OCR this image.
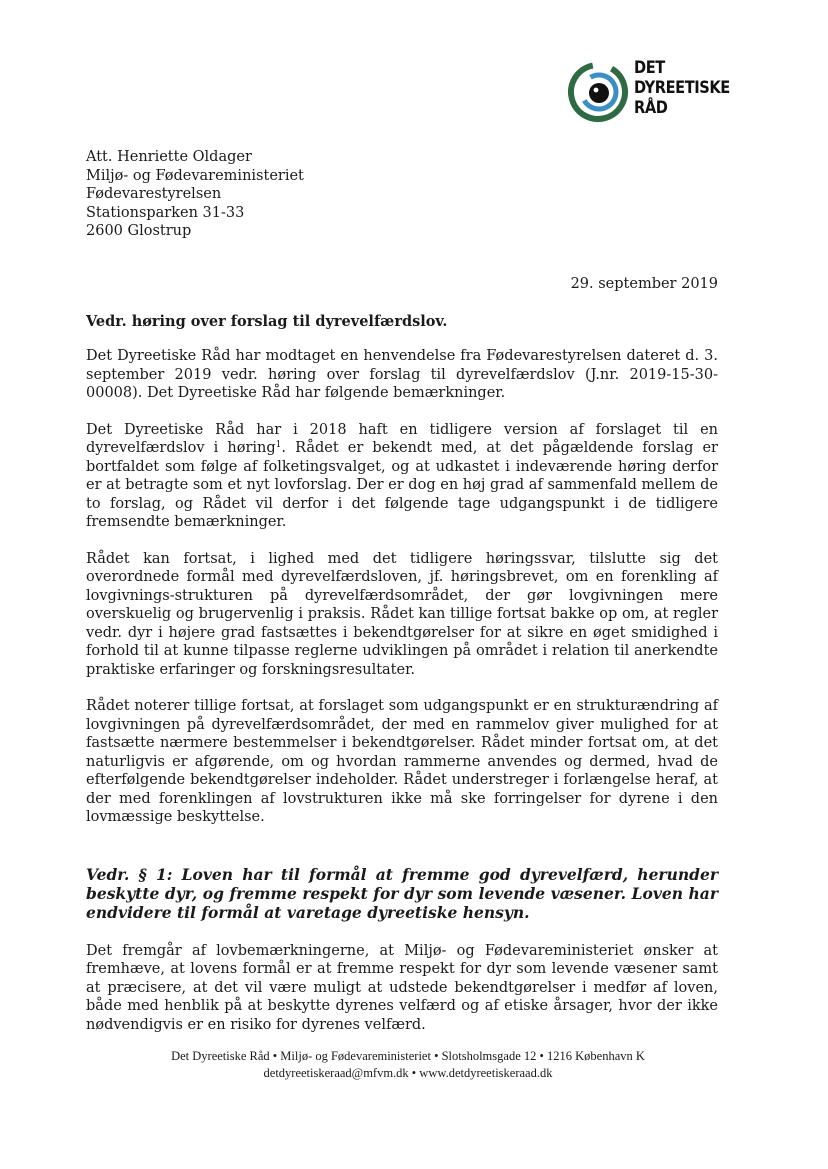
DET
DYREETISKE
RÅD
Att. Henriette Oldager
Miljø- og Fødevareministeriet
Fødevarestyrelsen
Stationsparken 31-33
2600 Glostrup
29. september 2019
Vedr. høring over forslag til dyrevelfærdslov.

Det Dyreetiske Råd har modtaget en henvendelse fra Fødevarestyrelsen dateret d. 3. september 2019 vedr. høring over forslag til dyrevelfærdslov (J.nr. 2019-15-30-00008). Det Dyreetiske Råd har følgende bemærkninger.

Det Dyreetiske Råd har i 2018 haft en tidligere version af forslaget til en dyrevelfærdslov i høring$^1$. Rådet er bekendt med, at det pågældende forslag er bortfaldet som følge af folketingsvalget, og at udkastet i indeværende høring derfor er at betragte som et nyt lovforslag. Der er dog en høj grad af sammenfald mellem de to forslag, og Rådet vil derfor i det følgende tage udgangspunkt i de tidligere fremsendte bemærkninger.

Rådet kan fortsat, i lighed med det tidligere høringssvar, tilslutte sig det overordnede formål med dyrevelfærdsloven, jf. høringsbrevet, om en forenkling af lovgivnings-strukturen på dyrevelfærdsområdet, der gør lovgivningen mere overskuelig og brugervenlig i praksis. Rådet kan tillige fortsat bakke op om, at regler vedr. dyr i højere grad fastsættes i bekendtgørelser for at sikre en øget smidighed i forhold til at kunne tilpasse reglerne udviklingen på området i relation til anerkendte praktiske erfaringer og forskningsresultater.

Rådet noterer tillige fortsat, at forslaget som udgangspunkt er en strukturændring af lovgivningen på dyrevelfærdsområdet, der med en rammelov giver mulighed for at fastsætte nærmere bestemmelser i bekendtgørelser. Rådet minder fortsat om, at det naturligvis er afgørende, om og hvordan rammerne anvendes og dermed, hvad de efterfølgende bekendtgørelser indeholder. Rådet understreger i forlængelse heraf, at der med forenklingen af lovstrukturen ikke må ske forringelser for dyrene i den lovmæssige beskyttelse.

Vedr. § 1: Loven har til formål at fremme god dyrevelfærd, herunder beskytte dyr, og fremme respekt for dyr som levende væsener. Loven har endvidere til formål at varetage dyreetiske hensyn.

Det fremgår af lovbemærkningerne, at Miljø- og Fødevareministeriet ønsker at fremhæve, at lovens formål er at fremme respekt for dyr som levende væsener samt at præcisere, at det vil være muligt at udstede bekendtgørelser i medfør af loven, både med henblik på at beskytte dyrenes velfærd og af etiske årsager, hvor der ikke nødvendigvis er en risiko for dyrenes velfærd.

Det Dyreetiske Råd • Miljø- og Fødevareministeriet • Slotsholmsgade 12 • 1216 København K
detdyreetiskeraad@mfvm.dk • www.detdyreetiskeraad.dk
